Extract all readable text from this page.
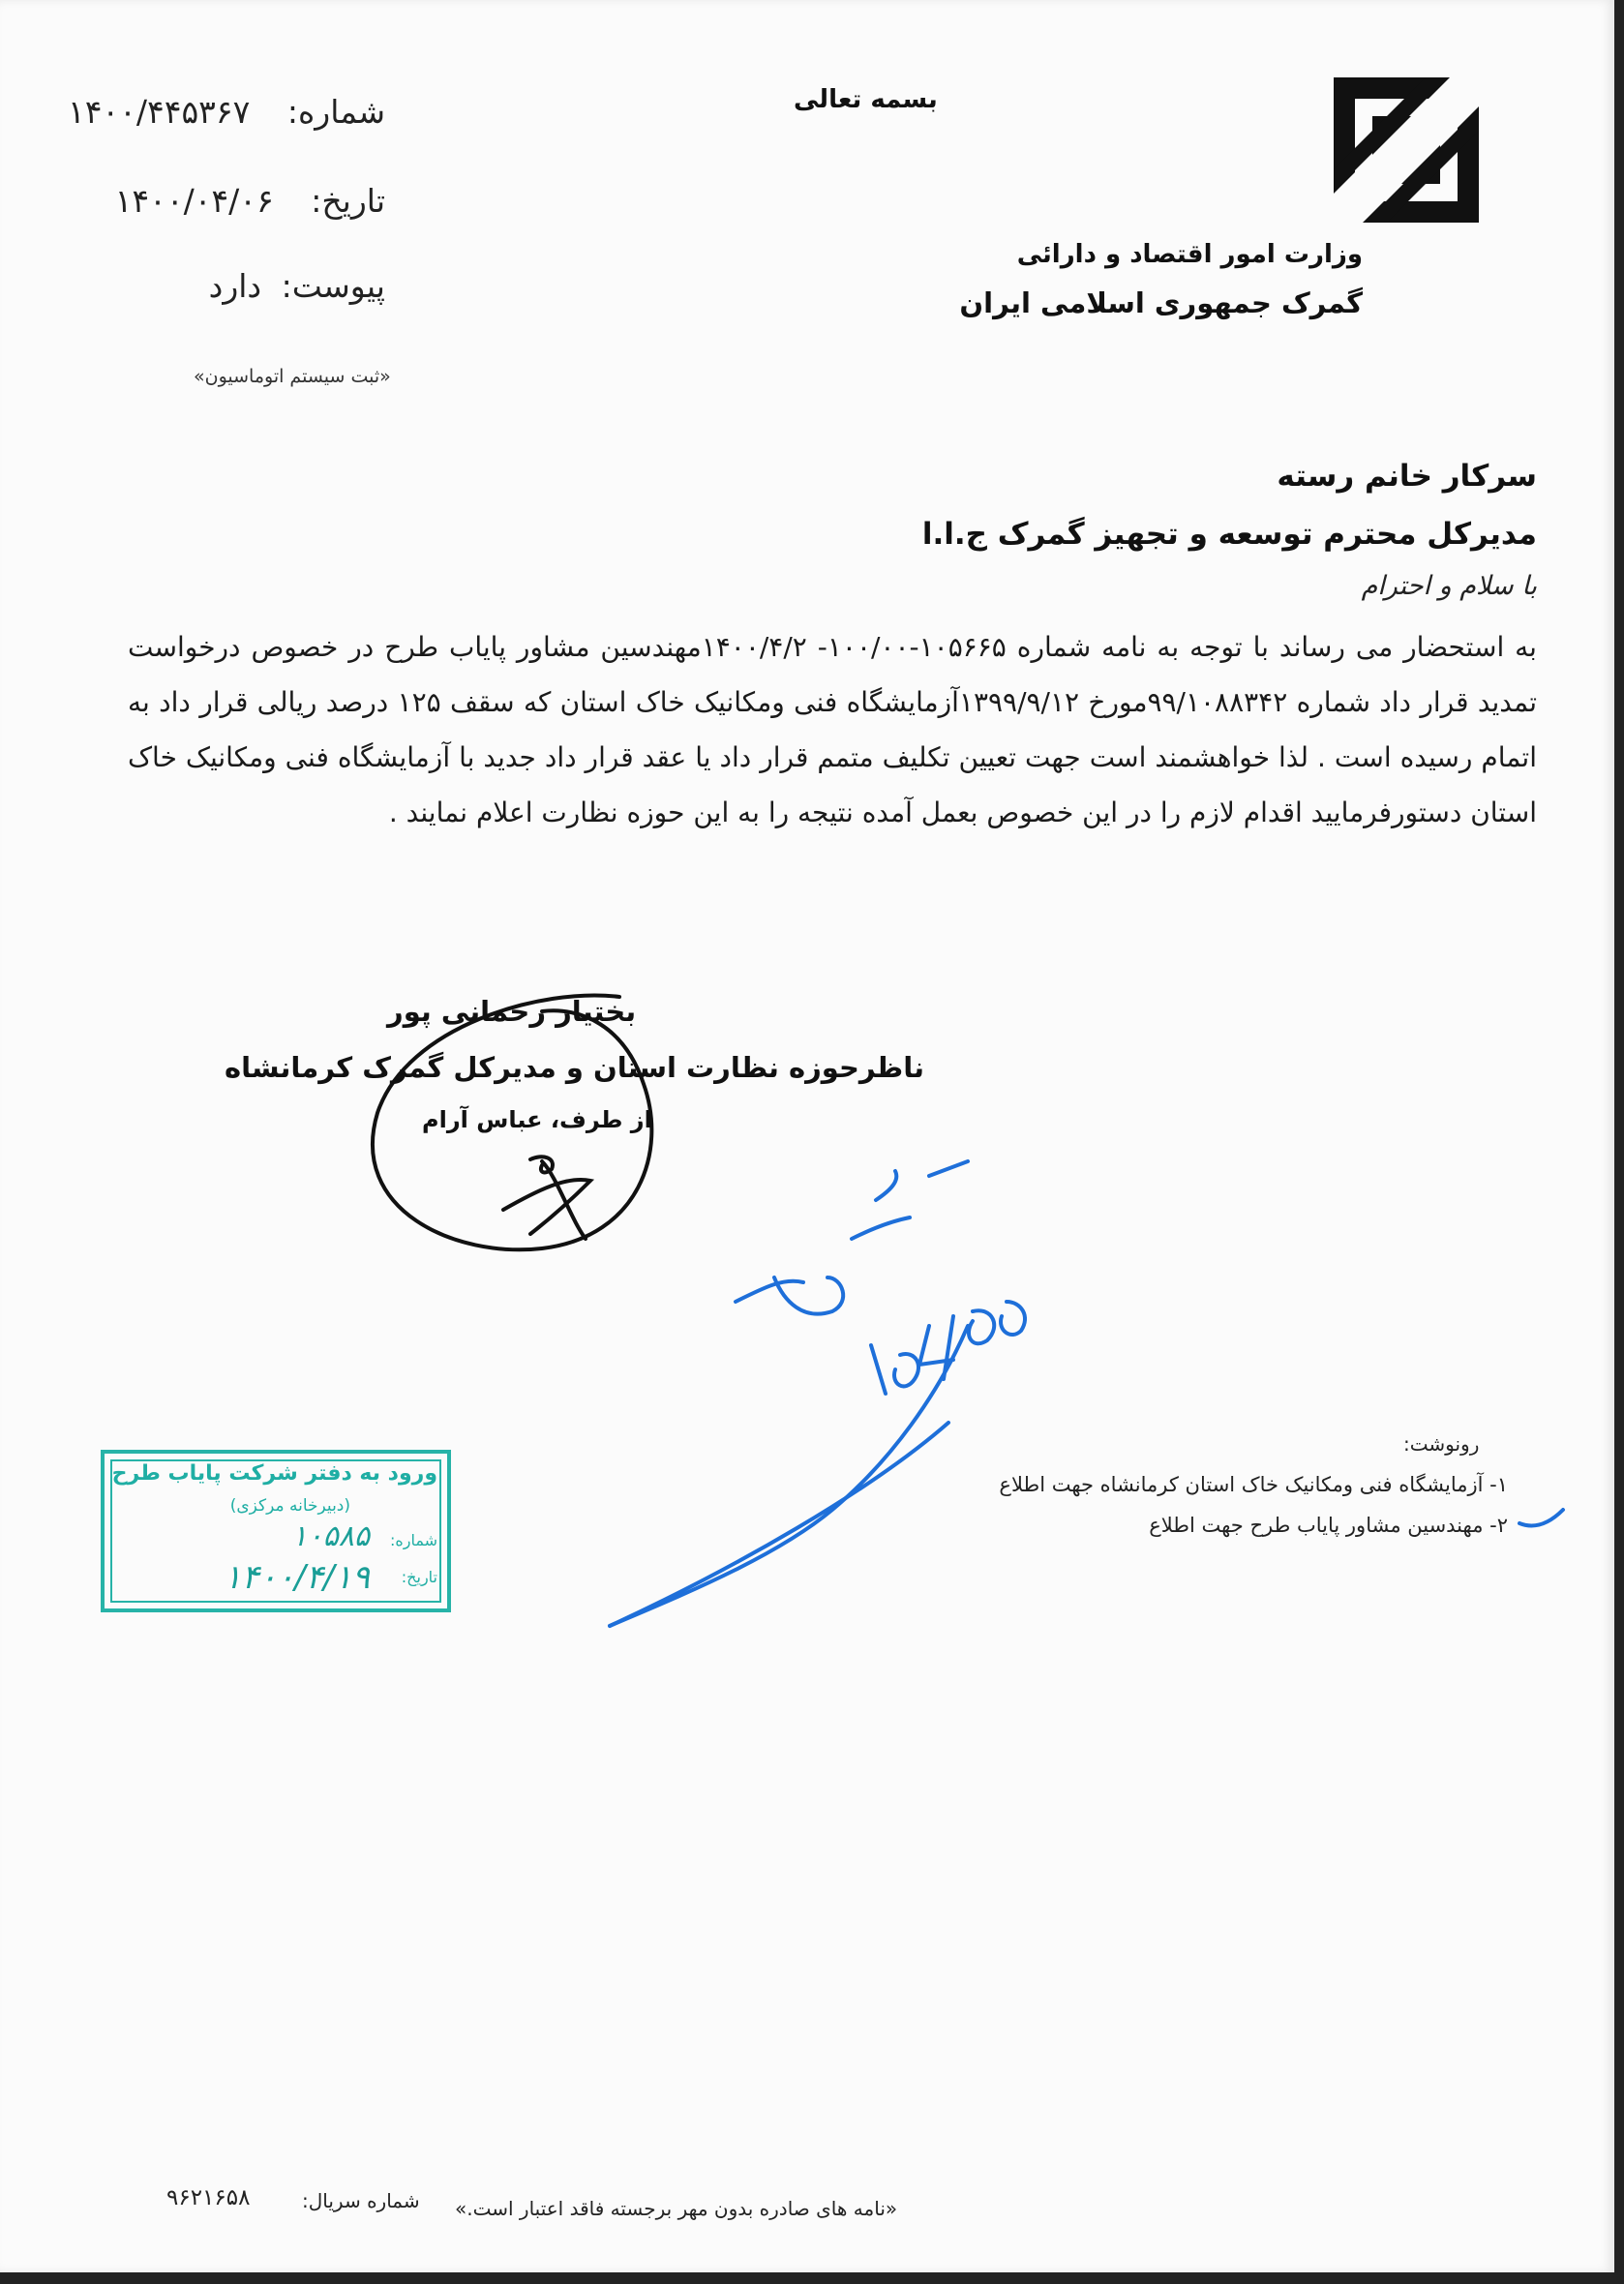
وزارت امور اقتصاد و دارائی
گمرک جمهوری اسلامی ایران
بسمه تعالی
شماره: ۱۴۰۰/۴۴۵۳۶۷
تاریخ: ۱۴۰۰/۰۴/۰۶
پیوست: دارد
«ثبت سیستم اتوماسیون»
سرکار خانم رسته
مدیرکل محترم توسعه و تجهیز گمرک ج.ا.ا
با سلام و احترام
به استحضار می رساند با توجه به نامه شماره ۱۰۵۶۶۵-۱۰۰/۰۰- ۱۴۰۰/۴/۲مهندسین مشاور پایاب طرح در خصوص درخواست تمدید قرار داد شماره ۹۹/۱۰۸۸۳۴۲مورخ ۱۳۹۹/۹/۱۲آزمایشگاه فنی ومکانیک خاک استان که سقف ۱۲۵ درصد ریالی قرار داد به اتمام رسیده است . لذا خواهشمند است جهت تعیین تکلیف متمم قرار داد یا عقد قرار داد جدید با آزمایشگاه فنی ومکانیک خاک استان دستورفرمایید اقدام لازم را در این خصوص بعمل آمده نتیجه را به این حوزه نظارت اعلام نمایند .
بختیار رحمانی پور
ناظرحوزه نظارت استان و مدیرکل گمرک کرمانشاه
از طرف، عباس آرام
رونوشت:
۱- آزمایشگاه فنی ومکانیک خاک استان کرمانشاه جهت اطلاع
۲- مهندسین مشاور پایاب طرح جهت اطلاع
ورود به دفتر شرکت پایاب طرح
(دبیرخانه مرکزی)
شماره:
۱۰۵۸۵
تاریخ:
۱۴۰۰/۴/۱۹
«نامه های صادره بدون مهر برجسته فاقد اعتبار است.»
شماره سریال:
۹۶۲۱۶۵۸
